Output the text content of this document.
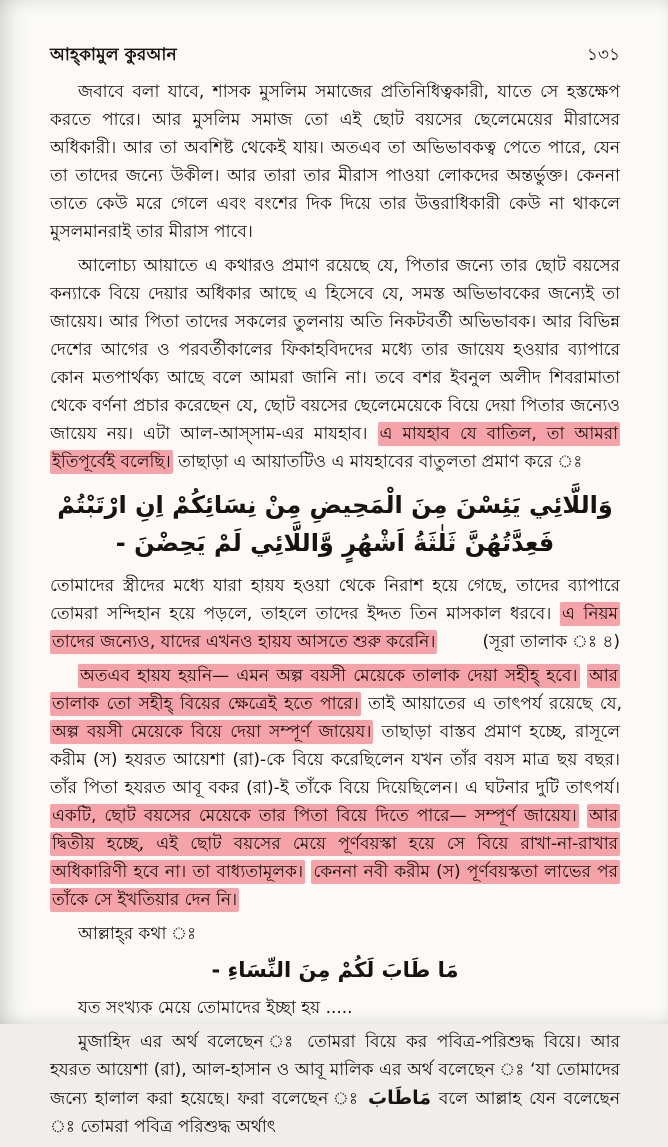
আহ্‌কামুল কুরআন	১৩১
জবাবে বলা যাবে, শাসক মুসলিম সমাজের প্রতিনিধিত্বকারী, যাতে সে হস্তক্ষেপ করতে পারে। আর মুসলিম সমাজ তো এই ছোট বয়সের ছেলেমেয়ের মীরাসের অধিকারী। আর তা অবশিষ্ট থেকেই যায়। অতএব তা অভিভাবকত্ব পেতে পারে, যেন তা তাদের জন্যে উকীল। আর তারা তার মীরাস পাওয়া লোকদের অন্তর্ভুক্ত। কেননা তাতে কেউ মরে গেলে এবং বংশের দিক দিয়ে তার উত্তরাধিকারী কেউ না থাকলে মুসলমানরাই তার মীরাস পাবে।
আলোচ্য আয়াতে এ কথারও প্রমাণ রয়েছে যে, পিতার জন্যে তার ছোট বয়সের কন্যাকে বিয়ে দেয়ার অধিকার আছে এ হিসেবে যে, সমস্ত অভিভাবকের জন্যেই তা জায়েয। আর পিতা তাদের সকলের তুলনায় অতি নিকটবর্তী অভিভাবক। আর বিভিন্ন দেশের আগের ও পরবর্তীকালের ফিকাহবিদদের মধ্যে তার জায়েয হওয়ার ব্যাপারে কোন মতপার্থক্য আছে বলে আমরা জানি না। তবে বশর ইবনুল অলীদ শিবরামাতা থেকে বর্ণনা প্রচার করেছেন যে, ছোট বয়সের ছেলেমেয়েকে বিয়ে দেয়া পিতার জন্যেও জায়েয নয়। এটা আল-আস্‌সাম-এর মাযহাব। এ মাযহাব যে বাতিল, তা আমরা ইতিপূর্বেই বলেছি। তাছাড়া এ আয়াতটিও এ মাযহাবের বাতুলতা প্রমাণ করে ঃ
وَاللَّائِي يَئِسْنَ مِنَ الْمَحِيضِ مِنْ نِسَائِكُمْ اِنِ ارْتَبْتُمْ فَعِدَّتُهُنَّ ثَلٰثَةُ اَشْهُرٍ وَّاللَّائِي لَمْ يَحِضْنَ -
তোমাদের স্ত্রীদের মধ্যে যারা হায়য হওয়া থেকে নিরাশ হয়ে গেছে, তাদের ব্যাপারে তোমরা সন্দিহান হয়ে পড়লে, তাহলে তাদের ইদ্দত তিন মাসকাল ধরবে। এ নিয়ম তাদের জন্যেও, যাদের এখনও হায়য আসতে শুরু করেনি।	(সূরা তালাক ঃ ৪)
অতএব হায়য হয়নি— এমন অল্প বয়সী মেয়েকে তালাক দেয়া সহীহ্‌ হবে। আর তালাক তো সহীহ্‌ বিয়ের ক্ষেত্রেই হতে পারে। তাই আয়াতের এ তাৎপর্য রয়েছে যে, অল্প বয়সী মেয়েকে বিয়ে দেয়া সম্পূর্ণ জায়েয। তাছাড়া বাস্তব প্রমাণ হচ্ছে, রাসূলে করীম (স) হযরত আয়েশা (রা)-কে বিয়ে করেছিলেন যখন তাঁর বয়স মাত্র ছয় বছর। তাঁর পিতা হযরত আবূ বকর (রা)-ই তাঁকে বিয়ে দিয়েছিলেন। এ ঘটনার দুটি তাৎপর্য। একটি, ছোট বয়সের মেয়েকে তার পিতা বিয়ে দিতে পারে— সম্পূর্ণ জায়েয। আর দ্বিতীয় হচ্ছে, এই ছোট বয়সের মেয়ে পূর্ণবয়স্কা হয়ে সে বিয়ে রাখা-না-রাখার অধিকারিণী হবে না। তা বাধ্যতামূলক। কেননা নবী করীম (স) পূর্ণবয়স্কতা লাভের পর তাঁকে সে ইখতিয়ার দেন নি।
আল্লাহ্‌র কথা ঃ
مَا طَابَ لَكُمْ مِنَ النِّسَاءِ -
যত সংখ্যক মেয়ে তোমাদের ইচ্ছা হয় .....
মুজাহিদ এর অর্থ বলেছেন ঃ তোমরা বিয়ে কর পবিত্র-পরিশুদ্ধ বিয়ে। আর হযরত আয়েশা (রা), আল-হাসান ও আবূ মালিক এর অর্থ বলেছেন ঃ ‘যা তোমাদের জন্যে হালাল করা হয়েছে। ফরা বলেছেন ঃ مَاطَابَ বলে আল্লাহ যেন বলেছেন ঃ তোমরা পবিত্র পরিশুদ্ধ অর্থাৎ
